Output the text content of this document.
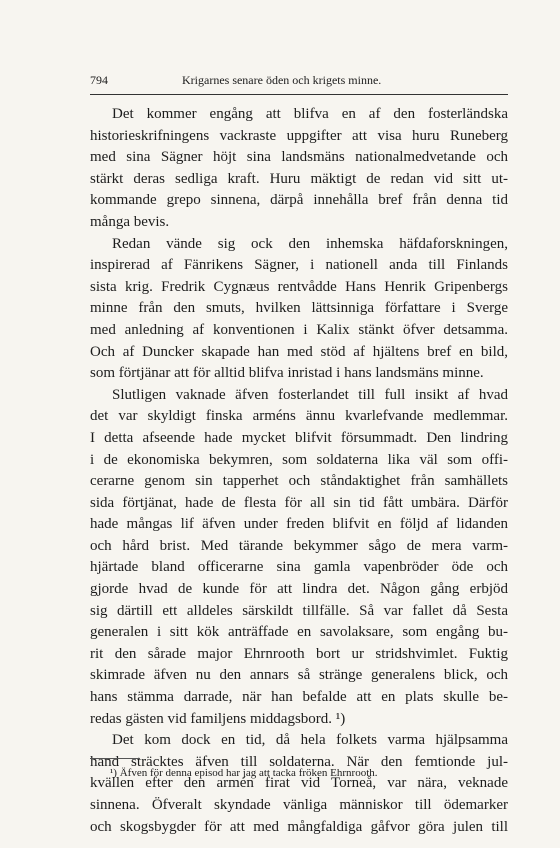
794	Krigarnes senare öden och krigets minne.
Det kommer engång att blifva en af den fosterländska
historieskrifningens vackraste uppgifter att visa huru Runeberg
med sina Sägner höjt sina landsmäns nationalmedvetande och
stärkt deras sedliga kraft. Huru mäktigt de redan vid sitt ut-
kommande grepo sinnena, därpå innehålla bref från denna tid
många bevis.
Redan vände sig ock den inhemska häfdaforskningen,
inspirerad af Fänrikens Sägner, i nationell anda till Finlands
sista krig. Fredrik Cygnæus rentvådde Hans Henrik Gripenbergs
minne från den smuts, hvilken lättsinniga författare i Sverge
med anledning af konventionen i Kalix stänkt öfver detsamma.
Och af Duncker skapade han med stöd af hjältens bref en bild,
som förtjänar att för alltid blifva inristad i hans landsmäns minne.
Slutligen vaknade äfven fosterlandet till full insikt af hvad
det var skyldigt finska arméns ännu kvarlefvande medlemmar.
I detta afseende hade mycket blifvit försummadt. Den lindring
i de ekonomiska bekymren, som soldaterna lika väl som offi-
cerarne genom sin tapperhet och ståndaktighet från samhällets
sida förtjänat, hade de flesta för all sin tid fått umbära. Därför
hade mångas lif äfven under freden blifvit en följd af lidanden
och hård brist. Med tärande bekymmer sågo de mera varm-
hjärtade bland officerarne sina gamla vapenbröder öde och
gjorde hvad de kunde för att lindra det. Någon gång erbjöd
sig därtill ett alldeles särskildt tillfälle. Så var fallet då Sesta
generalen i sitt kök anträffade en savolaksare, som engång bu-
rit den sårade major Ehrnrooth bort ur stridshvimlet. Fuktig
skimrade äfven nu den annars så stränge generalens blick, och
hans stämma darrade, när han befalde att en plats skulle be-
redas gästen vid familjens middagsbord. ¹)
Det kom dock en tid, då hela folkets varma hjälpsamma
hand sträcktes äfven till soldaterna. När den femtionde jul-
kvällen efter den armén firat vid Torneå, var nära, veknade
sinnena. Öfveralt skyndade vänliga människor till ödemarker
och skogsbygder för att med mångfaldiga gåfvor göra julen till
¹) Äfven för denna episod har jag att tacka fröken Ehrnrooth.
